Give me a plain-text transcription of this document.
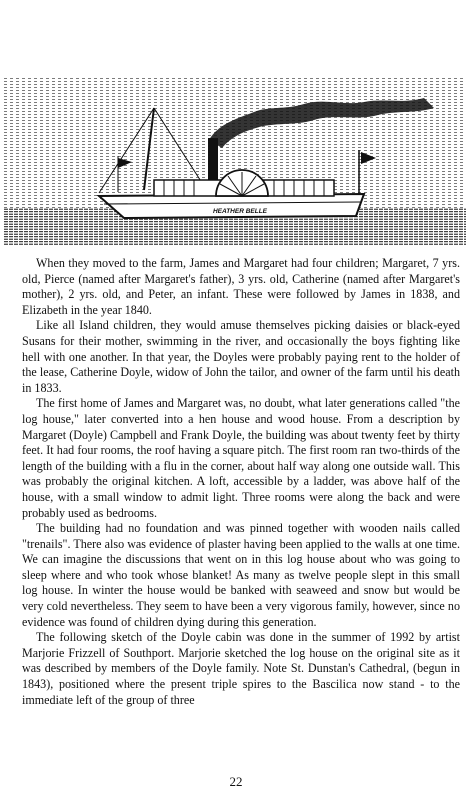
HEATHER BELLE

When they moved to the farm, James and Margaret had four children; Margaret, 7 yrs. old, Pierce (named after Margaret's father), 3 yrs. old, Catherine (named after Margaret's mother), 2 yrs. old, and Peter, an infant. These were followed by James in 1838, and Elizabeth in the year 1840.

Like all Island children, they would amuse themselves picking daisies or black-eyed Susans for their mother, swimming in the river, and occasionally the boys fighting like hell with one another. In that year, the Doyles were probably paying rent to the holder of the lease, Catherine Doyle, widow of John the tailor, and owner of the farm until his death in 1833.

The first home of James and Margaret was, no doubt, what later generations called "the log house," later converted into a hen house and wood house. From a description by Margaret (Doyle) Campbell and Frank Doyle, the building was about twenty feet by thirty feet. It had four rooms, the roof having a square pitch. The first room ran two-thirds of the length of the building with a flu in the corner, about half way along one outside wall. This was probably the original kitchen. A loft, accessible by a ladder, was above half of the house, with a small window to admit light. Three rooms were along the back and were probably used as bedrooms.

The building had no foundation and was pinned together with wooden nails called "trenails". There also was evidence of plaster having been applied to the walls at one time. We can imagine the discussions that went on in this log house about who was going to sleep where and who took whose blanket! As many as twelve people slept in this small log house. In winter the house would be banked with seaweed and snow but would be very cold nevertheless. They seem to have been a very vigorous family, however, since no evidence was found of children dying during this generation.

The following sketch of the Doyle cabin was done in the summer of 1992 by artist Marjorie Frizzell of Southport. Marjorie sketched the log house on the original site as it was described by members of the Doyle family. Note St. Dunstan's Cathedral, (begun in 1843), positioned where the present triple spires to the Bascilica now stand - to the immediate left of the group of three

22
